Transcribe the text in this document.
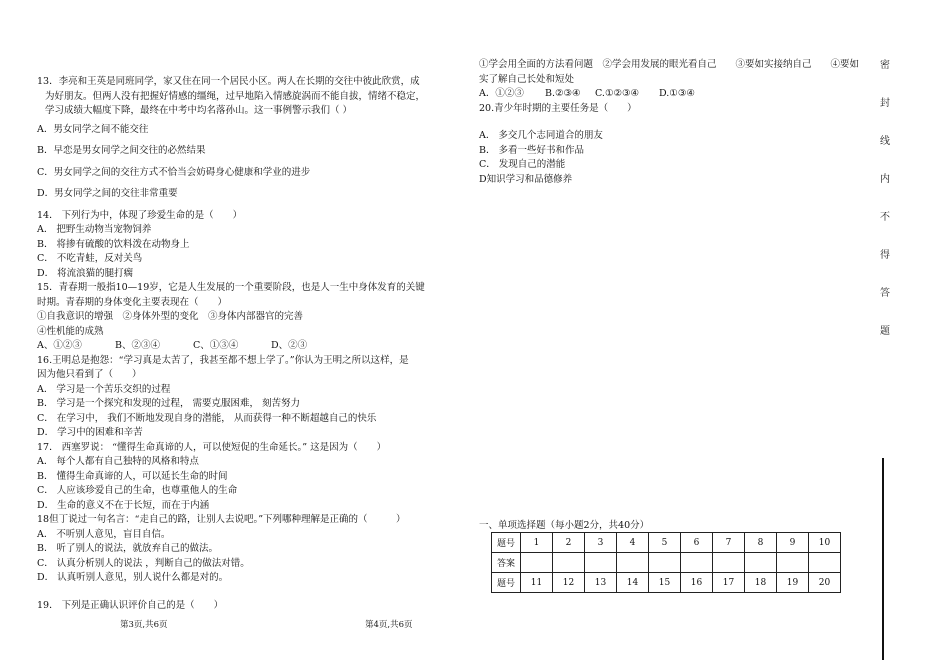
13．李亮和王英是同班同学，家又住在同一个居民小区。两人在长期的交往中彼此欣赏，成

为好朋友。但两人没有把握好情感的缰绳，过早地陷入情感旋涡而不能自拔，情绪不稳定，

学习成绩大幅度下降，最终在中考中均名落孙山。这一事例警示我们（ ）

A．男女同学之间不能交往

B．早恋是男女同学之间交往的必然结果

C．男女同学之间的交往方式不恰当会妨碍身心健康和学业的进步

D．男女同学之间的交往非常重要

14． 下列行为中，体现了珍爱生命的是（　　）

A． 把野生动物当宠物饲养

B． 将掺有硫酸的饮料泼在动物身上

C． 不吃青蛙，反对关鸟

D． 将流浪猫的腿打瘸

15．青春期一般指10—19岁，它是人生发展的一个重要阶段，也是人一生中身体发育的关键

时期。青春期的身体变化主要表现在（　　）

①自我意识的增强　②身体外型的变化　③身体内部器官的完善

④性机能的成熟

A、①②③	B、②③④	C、①③④	D、②③

16.王明总是抱怨：“学习真是太苦了，我甚至都不想上学了。”你认为王明之所以这样，是

因为他只看到了（　　）

A． 学习是一个苦乐交织的过程

B． 学习是一个探究和发现的过程， 需要克服困难， 刻苦努力

C． 在学习中， 我们不断地发现自身的潜能， 从而获得一种不断超越自己的快乐

D． 学习中的困难和辛苦

17． 西塞罗说： “懂得生命真谛的人，可以使短促的生命延长。” 这是因为（　　）

A． 每个人都有自己独特的风格和特点

B． 懂得生命真谛的人，可以延长生命的时间

C． 人应该珍爱自己的生命，也尊重他人的生命

D． 生命的意义不在于长短，而在于内涵

18但丁说过一句名言：“走自己的路，让别人去说吧。”下列哪种理解是正确的（　　　）

A． 不听别人意见，盲目自信。

B． 听了别人的说法，就放弃自己的做法。

C． 认真分析别人的说法 ，判断自己的做法对错。

D． 认真听别人意见，别人说什么都是对的。

19． 下列是正确认识评价自己的是（　　）

①学会用全面的方法看问题　②学会用发展的眼光看自己　　③要如实接纳自己　　④要如

实了解自己长处和短处

A．①②③ B.②③④ C.①②③④ D.①③④

20.青少年时期的主要任务是（　　）

A． 多交几个志同道合的朋友

B． 多看一些好书和作品

C． 发现自己的潜能

D知识学习和品德修养

一、单项选择题（每小题2分，共40分）
题号	1	2	3	4	5	6	7	8	9	10
答案										
题号	11	12	13	14	15	16	17	18	19	20
密
封
线
内
不
得
答
题
第3页,共6页	第4页,共6页
